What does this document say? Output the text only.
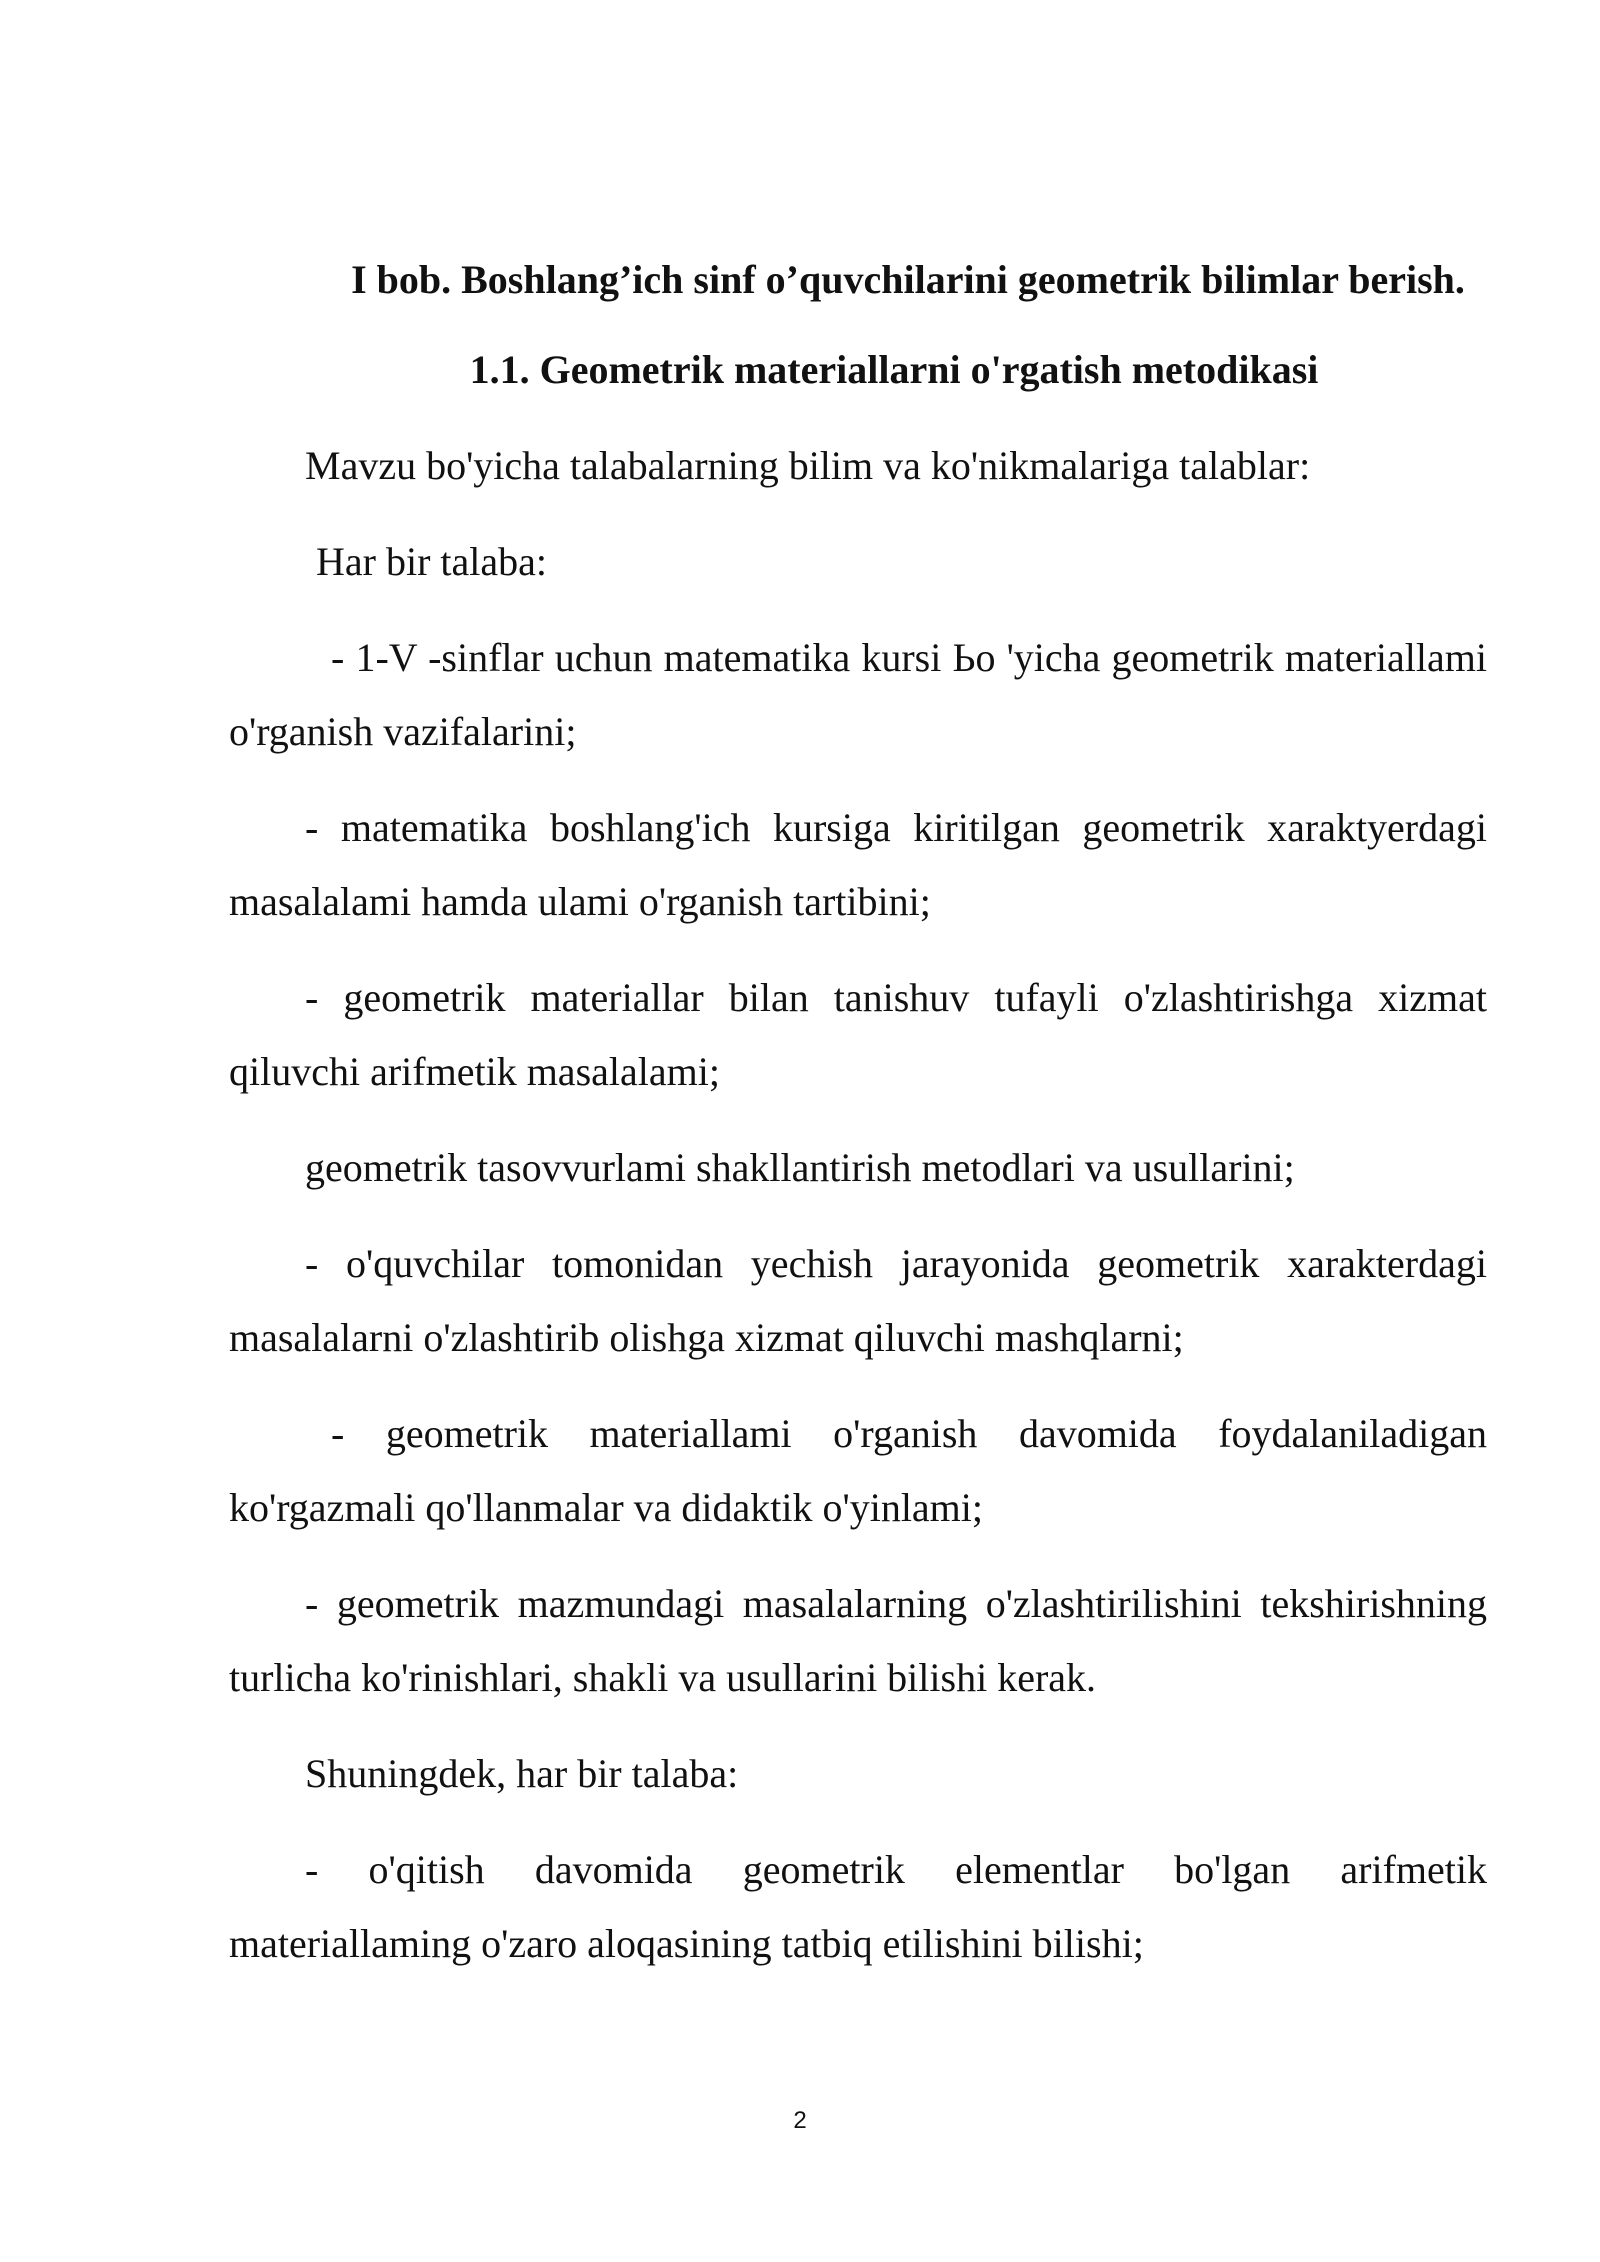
I bob. Boshlang’ich sinf o’quvchilarini geometrik bilimlar berish.
1.1. Geometrik materiallarni o'rgatish metodikasi

Mavzu bo'yicha talabalarning bilim va ko'nikmalariga talablar:

Har bir talaba:

- 1-V -sinflar uchun matematika kursi Ьо 'yicha geometrik materiallami o'rganish vazifalarini;

- matematika boshlang'ich kursiga kiritilgan geometrik xaraktyerdagi masalalami hamda ulami o'rganish tartibini;

- geometrik materiallar bilan tanishuv tufayli o'zlashtirishga xizmat qiluvchi arifmetik masalalami;

geometrik tasovvurlami shakllantirish metodlari va usullarini;

- o'quvchilar tomonidan yechish jarayonida geometrik xarakterdagi masalalarni o'zlashtirib olishga xizmat qiluvchi mashqlarni;

- geometrik materiallami o'rganish davomida foydalaniladigan ko'rgazmali qo'llanmalar va didaktik o'yinlami;

- geometrik mazmundagi masalalarning o'zlashtirilishini tekshirishning turlicha ko'rinishlari, shakli va usullarini bilishi kerak.

Shuningdek, har bir talaba:

- o'qitish davomida geometrik elementlar bo'lgan arifmetik materiallaming o'zaro aloqasining tatbiq etilishini bilishi;

2
